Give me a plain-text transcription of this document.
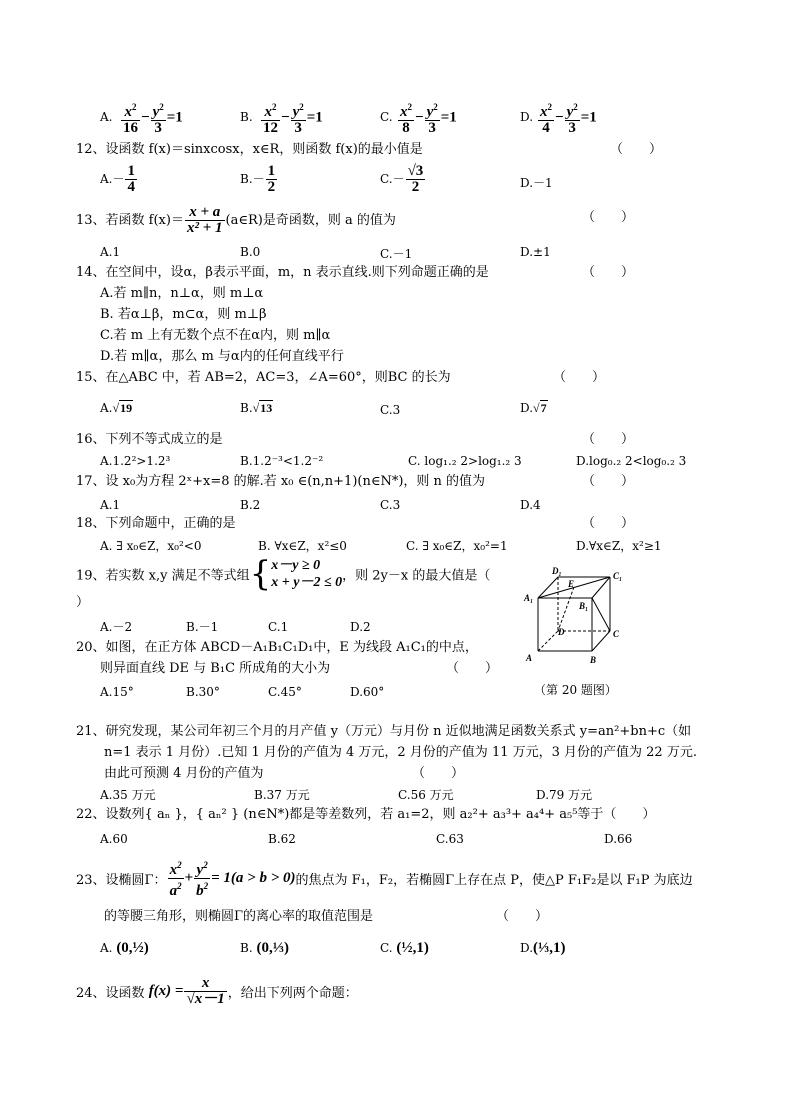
A. $\frac{x^2}{16} - \frac{y^2}{3} =1$	B. $\frac{x^2}{12} - \frac{y^2}{3} =1$	C. $\frac{x^2}{8} - \frac{y^2}{3} =1$	D. $\frac{x^2}{4} - \frac{y^2}{3} =1$
12、设函数 f(x)＝sinxcosx，x∈R，则函数 f(x)的最小值是	（　　）
$A.- \frac{1}{4}$	$B.- \frac{1}{2}$	$C.- \frac{√3}{2}$	D.－1
13、若函数 $f(x)= \frac{x + a}{\text{x² + 1}}$ (a∈R)是奇函数，则 a 的值为	（　　）
A.1	B.0	C.－1	D.±1
14、在空间中，设α，β表示平面，m，n 表示直线.则下列命题正确的是	（　　）
A.若 m∥n，n⊥α，则 m⊥α
B. 若α⊥β，m⊂α，则 m⊥β
C.若 m 上有无数个点不在α内，则 m∥α
D.若 m∥α，那么 m 与α内的任何直线平行
15、在△ABC 中，若 AB=2，AC=3，∠A=60°，则BC 的长为	（　　）
A.√19	B.√13	C.3	D.√7
16、下列不等式成立的是	（　　）
A.1.2²>1.2³	B.1.2⁻³<1.2⁻²	C. log₁.₂ 2>log₁.₂ 3	D.log₀.₂ 2<log₀.₂ 3
17、设 x₀为方程 2ˣ+x=8 的解.若 x₀ ∈(n,n+1)(n∈N*)，则 n 的值为	（　　）
A.1	B.2	C.3	D.4
18、下列命题中，正确的是	（　　）
A. ∃ x₀∈Z，x₀²<0	B. ∀x∈Z，x²≤0	C. ∃ x₀∈Z，x₀²=1	D.∀x∈Z，x²≥1
19、若实数 x,y 满足不等式组{ x－y ≥ 0
x + y－2 ≤ 0 ，则 2y－x 的最大值是（
）
A.－2	B.－1	C.1	D.2
D₁	C₁
A₁
E
B₁
D	C
A	B
20、如图，在正方体 ABCD－A₁B₁C₁D₁中，E 为线段 A₁C₁的中点，
则异面直线 DE 与 B₁C 所成角的大小为	（　　）
A.15°	B.30°	C.45°	D.60°	（第 20 题图）
21、研究发现，某公司年初三个月的月产值 y（万元）与月份 n 近似地满足函数关系式 y=an²+bn+c（如
n=1 表示 1 月份）.已知 1 月份的产值为 4 万元，2 月份的产值为 11 万元，3 月份的产值为 22 万元.
由此可预测 4 月份的产值为	（　　）
A.35 万元	B.37 万元	C.56 万元	D.79 万元
22、设数列{ aₙ }，{ aₙ² } (n∈N*)都是等差数列，若 a₁=2，则 a₂²+ a₃³+ a₄⁴+ a₅⁵等于（　　）
A.60	B.62	C.63	D.66
23、设椭圆Γ： $\frac{x^2}{a^2} + \frac{y^2}{b^2} = 1(a > b > 0)$的焦点为 F₁，F₂，若椭圆Γ上存在点 P，使△P F₁F₂是以 F₁P 为底边
的等腰三角形，则椭圆Γ的离心率的取值范围是	（　　）
A. (0,½)	B. (0,⅓)	C. (½,1)	D.(⅓,1)
24、设函数 $f(x) = \frac{x}{√x-1}$ ，给出下列两个命题：
